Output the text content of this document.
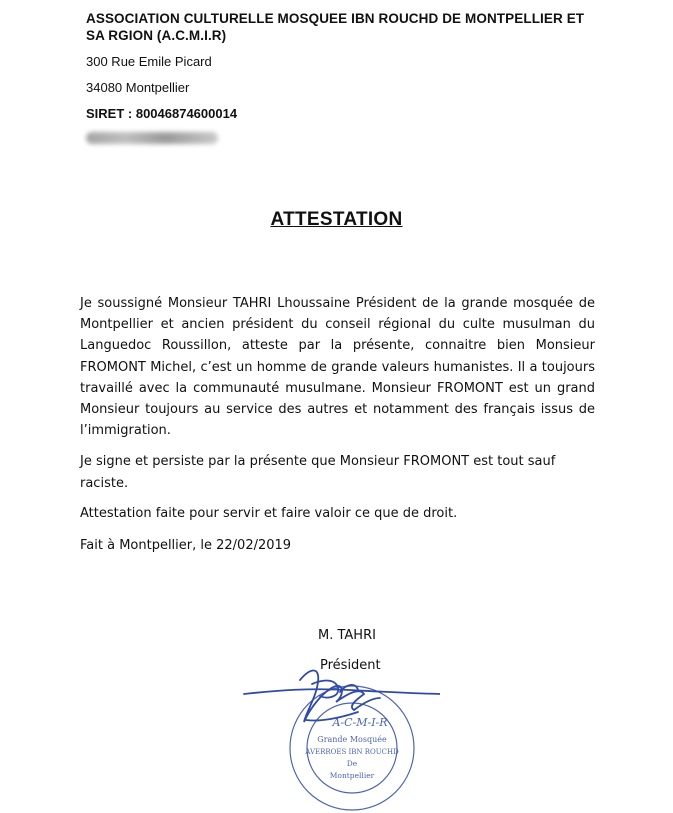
ASSOCIATION CULTURELLE MOSQUEE IBN ROUCHD DE MONTPELLIER ET SA RGION (A.C.M.I.R)
300 Rue Emile Picard
34080 Montpellier
SIRET : 80046874600014
ATTESTATION

Je soussigné Monsieur TAHRI Lhoussaine Président de la grande mosquée de Montpellier et ancien président du conseil régional du culte musulman du Languedoc Roussillon, atteste par la présente, connaitre bien Monsieur FROMONT Michel, c’est un homme de grande valeurs humanistes. Il a toujours travaillé avec la communauté musulmane. Monsieur FROMONT est un grand Monsieur toujours au service des autres et notamment des français issus de l’immigration.

Je signe et persiste par la présente que Monsieur FROMONT est tout sauf raciste.

Attestation faite pour servir et faire valoir ce que de droit.

Fait à Montpellier, le 22/02/2019
M. TAHRI
Président
A-C-M-I-R
Grande Mosquée
AVERROES IBN ROUCHD
De
Montpellier
